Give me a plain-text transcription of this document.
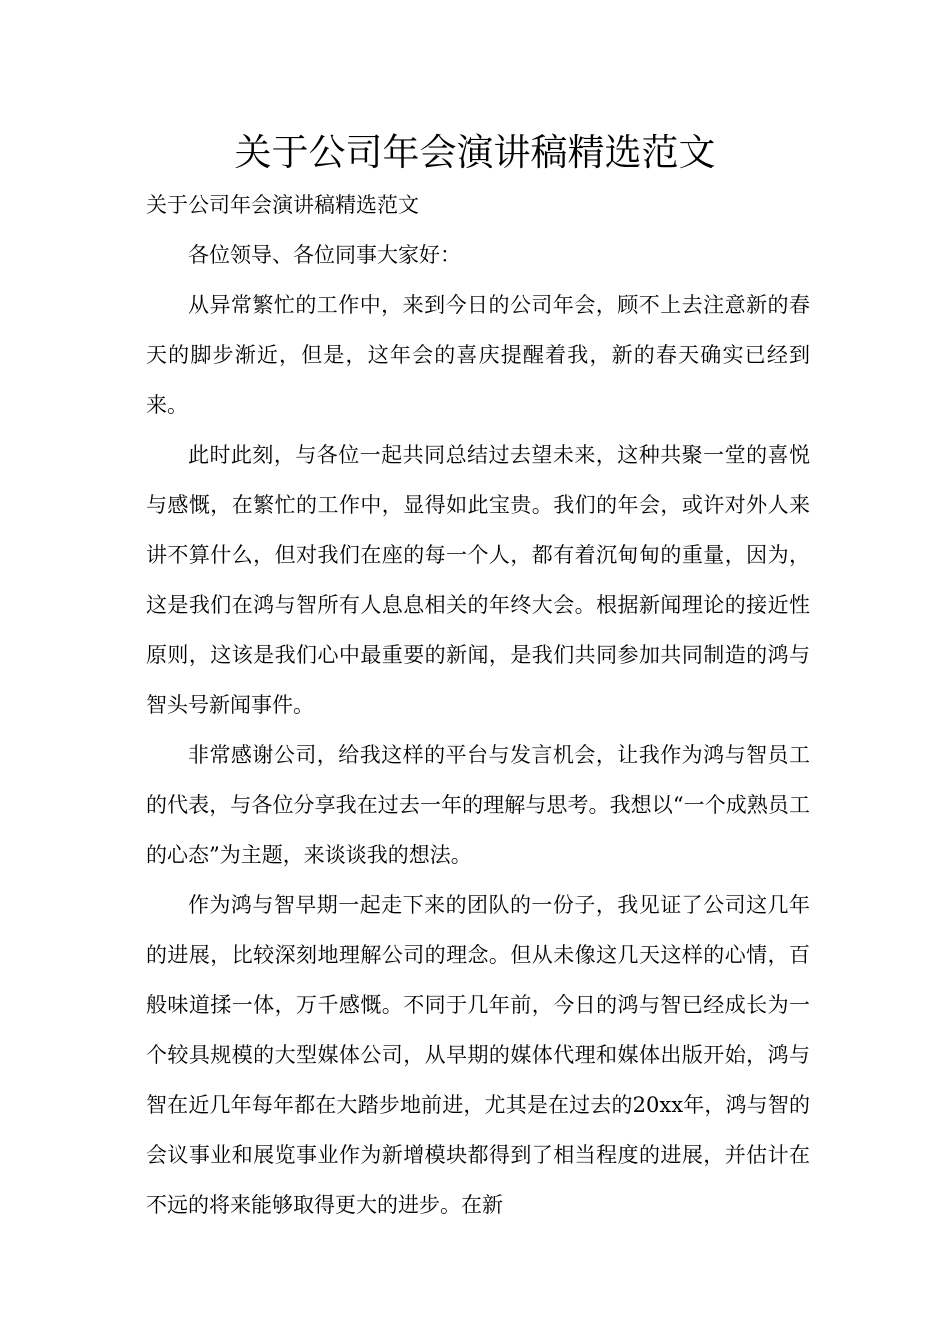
关于公司年会演讲稿精选范文

关于公司年会演讲稿精选范文

各位领导、各位同事大家好：

从异常繁忙的工作中，来到今日的公司年会，顾不上去注意新的春天的脚步渐近，但是，这年会的喜庆提醒着我，新的春天确实已经到来。

此时此刻，与各位一起共同总结过去望未来，这种共聚一堂的喜悦与感慨，在繁忙的工作中，显得如此宝贵。我们的年会，或许对外人来讲不算什么，但对我们在座的每一个人，都有着沉甸甸的重量，因为，这是我们在鸿与智所有人息息相关的年终大会。根据新闻理论的接近性原则，这该是我们心中最重要的新闻，是我们共同参加共同制造的鸿与智头号新闻事件。

非常感谢公司，给我这样的平台与发言机会，让我作为鸿与智员工的代表，与各位分享我在过去一年的理解与思考。我想以“一个成熟员工的心态”为主题，来谈谈我的想法。

作为鸿与智早期一起走下来的团队的一份子，我见证了公司这几年的进展，比较深刻地理解公司的理念。但从未像这几天这样的心情，百般味道揉一体，万千感慨。不同于几年前，今日的鸿与智已经成长为一个较具规模的大型媒体公司，从早期的媒体代理和媒体出版开始，鸿与智在近几年每年都在大踏步地前进，尤其是在过去的20xx年，鸿与智的会议事业和展览事业作为新增模块都得到了相当程度的进展，并估计在不远的将来能够取得更大的进步。在新
